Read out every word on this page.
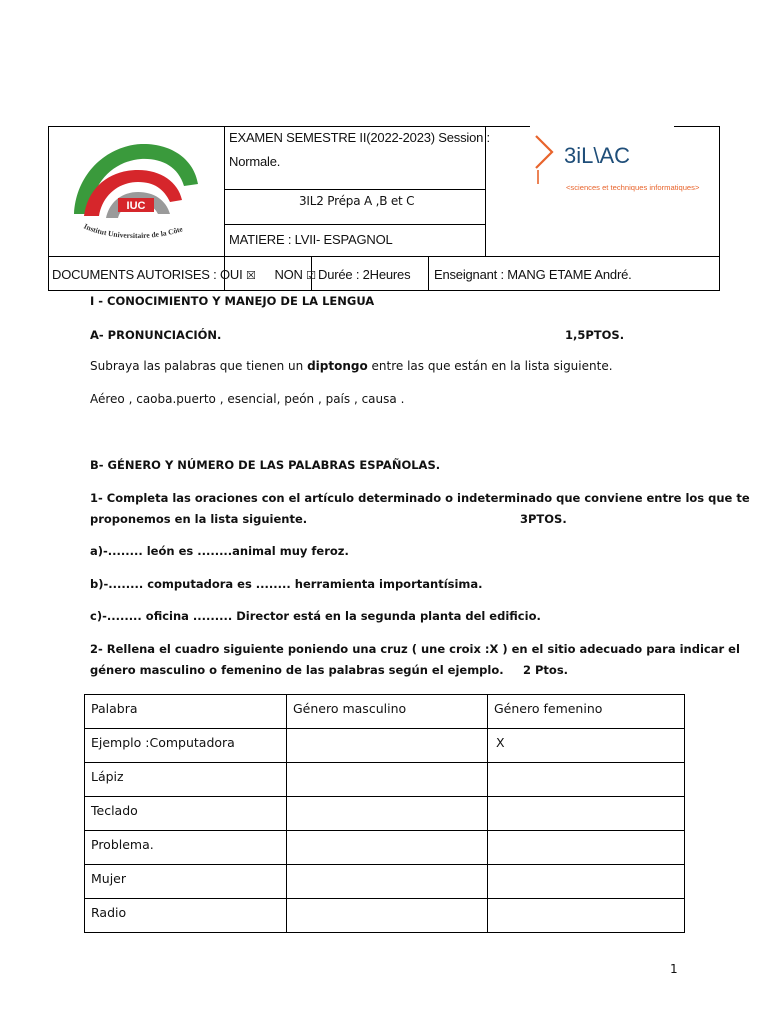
IUC
Institut Universitaire de la Côte
EXAMEN SEMESTRE II(2022-2023) Session :
Normale.
3IL2 Prépa A ,B et C
MATIERE : LVII- ESPAGNOL
3iL\AC
<sciences et techniques informatiques>
DOCUMENTS AUTORISES : OUI ☒ NON ☑ Durée : 2Heures Enseignant : MANG ETAME André.
I - CONOCIMIENTO Y MANEJO DE LA LENGUA
A- PRONUNCIACIÓN.	1,5PTOS.
Subraya las palabras que tienen un diptongo entre las que están en la lista siguiente.
Aéreo , caoba.puerto , esencial, peón , país , causa .
B- GÉNERO Y NÚMERO DE LAS PALABRAS ESPAÑOLAS.
1- Completa las oraciones con el artículo determinado o indeterminado que conviene entre los que te
proponemos en la lista siguiente.	3PTOS.
a)-........ león es ........animal muy feroz.
b)-........ computadora es ........ herramienta importantísima.
c)-........ oficina ......... Director está en la segunda planta del edificio.
2- Rellena el cuadro siguiente poniendo una cruz ( une croix :X ) en el sitio adecuado para indicar el
género masculino o femenino de las palabras según el ejemplo. 2 Ptos.
Palabra	Género masculino	Género femenino
Ejemplo :Computadora		X
Lápiz		
Teclado		
Problema.		
Mujer		
Radio		
1
